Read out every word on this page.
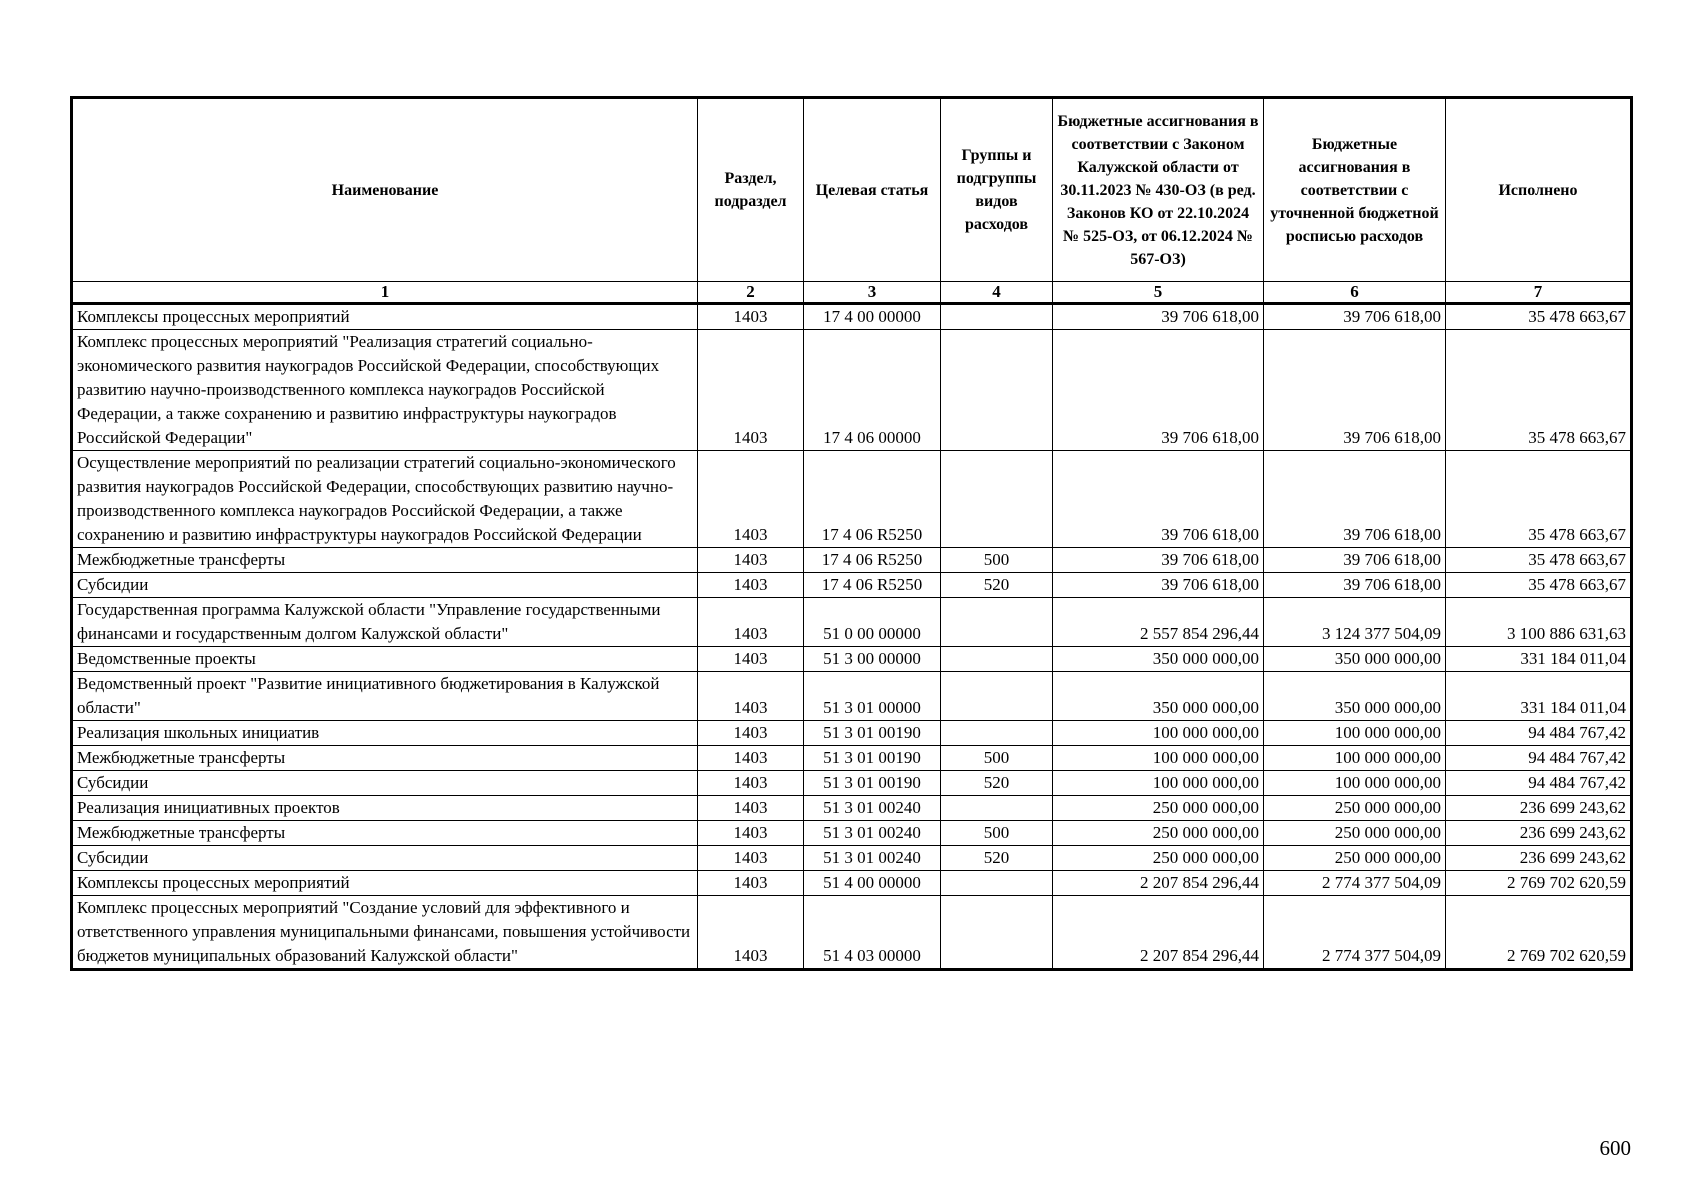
Наименование	Раздел, подраздел	Целевая статья	Группы и подгруппы видов расходов	Бюджетные ассигнования в соответствии с Законом Калужской области от 30.11.2023 № 430-ОЗ (в ред. Законов КО от 22.10.2024 № 525-ОЗ, от 06.12.2024 № 567-ОЗ)	Бюджетные ассигнования в соответствии с уточненной бюджетной росписью расходов	Исполнено
1	2	3	4	5	6	7
Комплексы процессных мероприятий	1403	17 4 00 00000		39 706 618,00	39 706 618,00	35 478 663,67
Комплекс процессных мероприятий "Реализация стратегий социально-экономического развития наукоградов Российской Федерации, способствующих развитию научно-производственного комплекса наукоградов Российской Федерации, а также сохранению и развитию инфраструктуры наукоградов Российской Федерации"	1403	17 4 06 00000		39 706 618,00	39 706 618,00	35 478 663,67
Осуществление мероприятий по реализации стратегий социально-экономического развития наукоградов Российской Федерации, способствующих развитию научно-производственного комплекса наукоградов Российской Федерации, а также сохранению и развитию инфраструктуры наукоградов Российской Федерации	1403	17 4 06 R5250		39 706 618,00	39 706 618,00	35 478 663,67
Межбюджетные трансферты	1403	17 4 06 R5250	500	39 706 618,00	39 706 618,00	35 478 663,67
Субсидии	1403	17 4 06 R5250	520	39 706 618,00	39 706 618,00	35 478 663,67
Государственная программа Калужской области "Управление государственными финансами и государственным долгом Калужской области"	1403	51 0 00 00000		2 557 854 296,44	3 124 377 504,09	3 100 886 631,63
Ведомственные проекты	1403	51 3 00 00000		350 000 000,00	350 000 000,00	331 184 011,04
Ведомственный проект "Развитие инициативного бюджетирования в Калужской области"	1403	51 3 01 00000		350 000 000,00	350 000 000,00	331 184 011,04
Реализация школьных инициатив	1403	51 3 01 00190		100 000 000,00	100 000 000,00	94 484 767,42
Межбюджетные трансферты	1403	51 3 01 00190	500	100 000 000,00	100 000 000,00	94 484 767,42
Субсидии	1403	51 3 01 00190	520	100 000 000,00	100 000 000,00	94 484 767,42
Реализация инициативных проектов	1403	51 3 01 00240		250 000 000,00	250 000 000,00	236 699 243,62
Межбюджетные трансферты	1403	51 3 01 00240	500	250 000 000,00	250 000 000,00	236 699 243,62
Субсидии	1403	51 3 01 00240	520	250 000 000,00	250 000 000,00	236 699 243,62
Комплексы процессных мероприятий	1403	51 4 00 00000		2 207 854 296,44	2 774 377 504,09	2 769 702 620,59
Комплекс процессных мероприятий "Создание условий для эффективного и ответственного управления муниципальными финансами, повышения устойчивости бюджетов муниципальных образований Калужской области"	1403	51 4 03 00000		2 207 854 296,44	2 774 377 504,09	2 769 702 620,59
600
